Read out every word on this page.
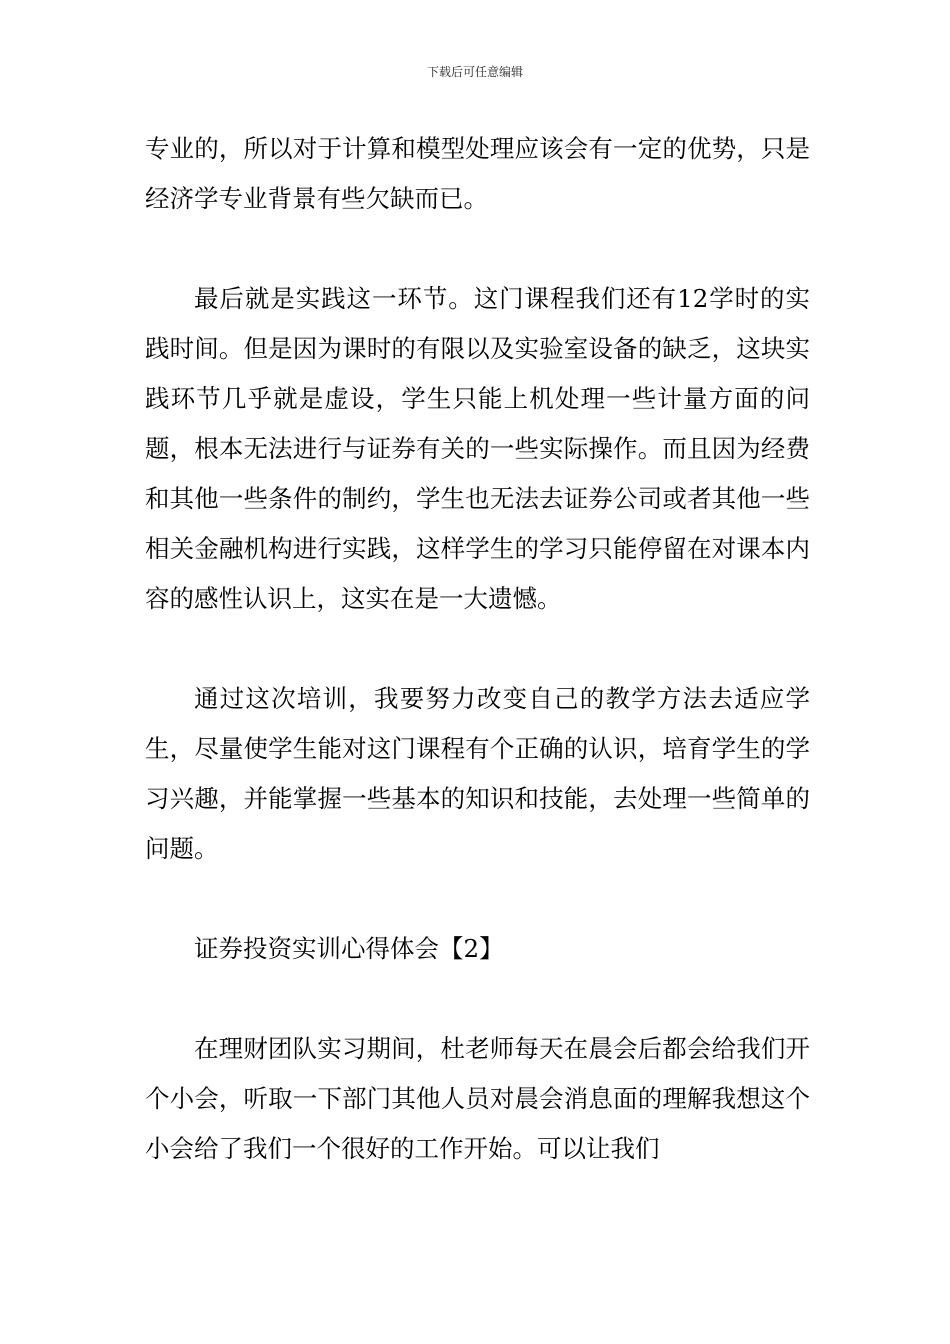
下载后可任意编辑

专业的，所以对于计算和模型处理应该会有一定的优势，只是经济学专业背景有些欠缺而已。

最后就是实践这一环节。这门课程我们还有12学时的实践时间。但是因为课时的有限以及实验室设备的缺乏，这块实践环节几乎就是虚设，学生只能上机处理一些计量方面的问题，根本无法进行与证券有关的一些实际操作。而且因为经费和其他一些条件的制约，学生也无法去证券公司或者其他一些相关金融机构进行实践，这样学生的学习只能停留在对课本内容的感性认识上，这实在是一大遗憾。

通过这次培训，我要努力改变自己的教学方法去适应学生，尽量使学生能对这门课程有个正确的认识，培育学生的学习兴趣，并能掌握一些基本的知识和技能，去处理一些简单的问题。

证券投资实训心得体会【2】

在理财团队实习期间，杜老师每天在晨会后都会给我们开个小会，听取一下部门其他人员对晨会消息面的理解我想这个小会给了我们一个很好的工作开始。可以让我们
